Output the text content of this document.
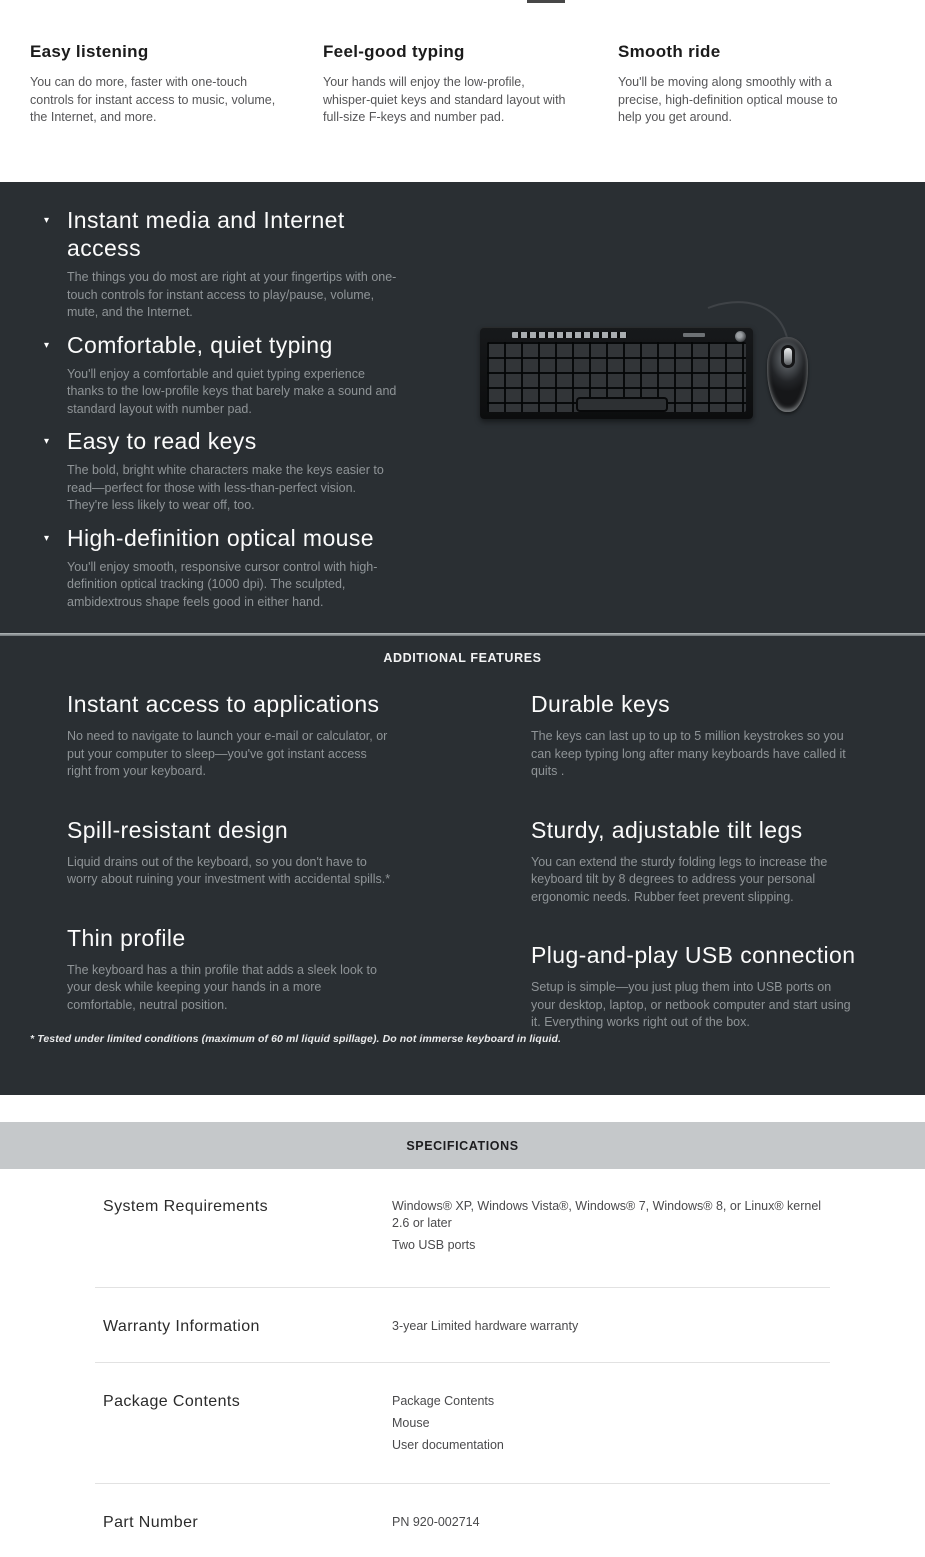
Easy listening

You can do more, faster with one-touch controls for instant access to music, volume, the Internet, and more.

Feel-good typing

Your hands will enjoy the low-profile, whisper-quiet keys and standard layout with full-size F-keys and number pad.

Smooth ride

You'll be moving along smoothly with a precise, high-definition optical mouse to help you get around.

▾ Instant media and Internet access

The things you do most are right at your fingertips with one-touch controls for instant access to play/pause, volume, mute, and the Internet.

▾ Comfortable, quiet typing

You'll enjoy a comfortable and quiet typing experience thanks to the low-profile keys that barely make a sound and standard layout with number pad.

▾ Easy to read keys

The bold, bright white characters make the keys easier to read—perfect for those with less-than-perfect vision. They're less likely to wear off, too.

▾ High-definition optical mouse

You'll enjoy smooth, responsive cursor control with high-definition optical tracking (1000 dpi). The sculpted, ambidextrous shape feels good in either hand.

ADDITIONAL FEATURES
Instant access to applications

No need to navigate to launch your e-mail or calculator, or put your computer to sleep—you've got instant access right from your keyboard.

Spill-resistant design

Liquid drains out of the keyboard, so you don't have to worry about ruining your investment with accidental spills.*

Thin profile

The keyboard has a thin profile that adds a sleek look to your desk while keeping your hands in a more comfortable, neutral position.

Durable keys

The keys can last up to up to 5 million keystrokes so you can keep typing long after many keyboards have called it quits .

Sturdy, adjustable tilt legs

You can extend the sturdy folding legs to increase the keyboard tilt by 8 degrees to address your personal ergonomic needs. Rubber feet prevent slipping.

Plug-and-play USB connection

Setup is simple—you just plug them into USB ports on your desktop, laptop, or netbook computer and start using it. Everything works right out of the box.

* Tested under limited conditions (maximum of 60 ml liquid spillage). Do not immerse keyboard in liquid.

SPECIFICATIONS
System Requirements	Windows® XP, Windows Vista®, Windows® 7, Windows® 8, or Linux® kernel 2.6 or later

Two USB ports

Warranty Information	3-year Limited hardware warranty

Package Contents	Package Contents

Mouse

User documentation

Part Number	PN 920-002714
